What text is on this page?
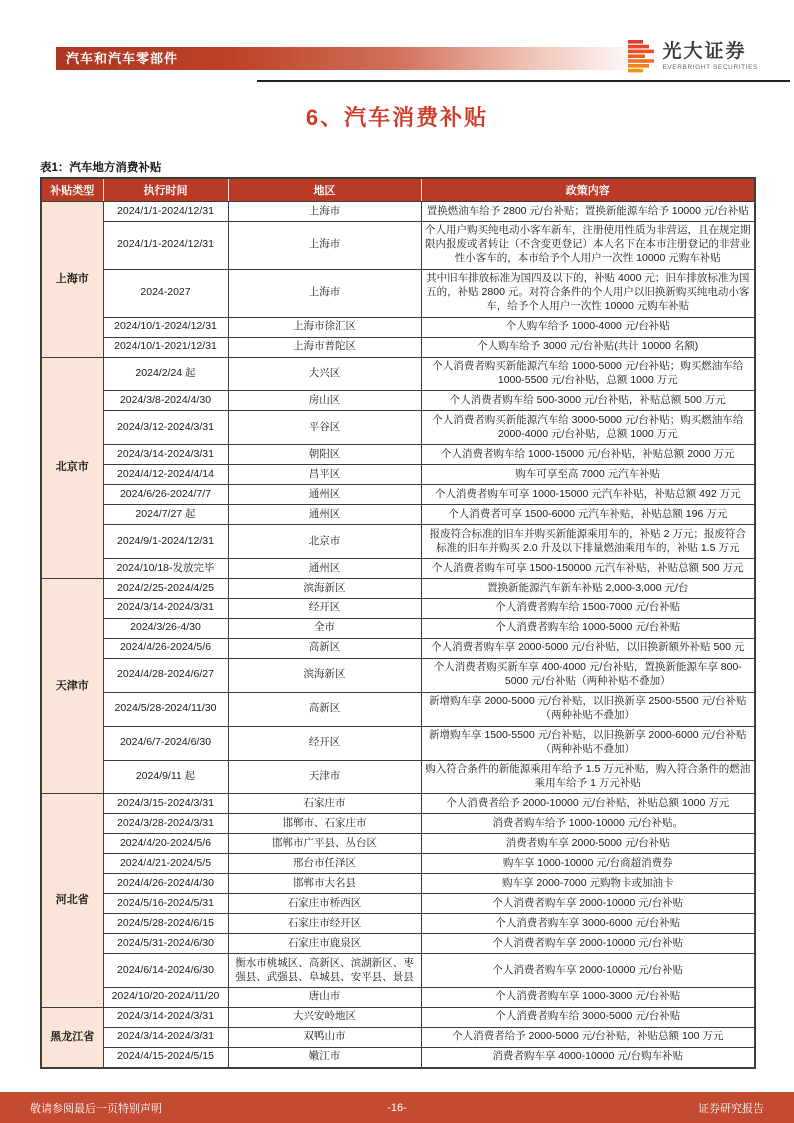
汽车和汽车零部件	光大证券
EVERBRIGHT SECURITIES
6、汽车消费补贴
表1：汽车地方消费补贴
补贴类型	执行时间	地区	政策内容
上海市	2024/1/1-2024/12/31	上海市	置换燃油车给予 2800 元/台补贴；置换新能源车给予 10000 元/台补贴
	2024/1/1-2024/12/31	上海市	个人用户购买纯电动小客车新车，注册使用性质为非营运，且在规定期限内报废或者转让（不含变更登记）本人名下在本市注册登记的非营业性小客车的，本市给予个人用户一次性 10000 元购车补贴
	2024-2027	上海市	其中旧车排放标准为国四及以下的，补贴 4000 元；旧车排放标准为国五的，补贴 2800 元。对符合条件的个人用户以旧换新购买纯电动小客车，给予个人用户一次性 10000 元购车补贴
	2024/10/1-2024/12/31	上海市徐汇区	个人购车给予 1000-4000 元/台补贴
	2024/10/1-2021/12/31	上海市普陀区	个人购车给予 3000 元/台补贴(共计 10000 名额)
北京市	2024/2/24 起	大兴区	个人消费者购买新能源汽车给 1000-5000 元/台补贴；购买燃油车给 1000-5500 元/台补贴，总额 1000 万元
	2024/3/8-2024/4/30	房山区	个人消费者购车给 500-3000 元/台补贴，补贴总额 500 万元
	2024/3/12-2024/3/31	平谷区	个人消费者购买新能源汽车给 3000-5000 元/台补贴；购买燃油车给 2000-4000 元/台补贴，总额 1000 万元
	2024/3/14-2024/3/31	朝阳区	个人消费者购车给 1000-15000 元/台补贴，补贴总额 2000 万元
	2024/4/12-2024/4/14	昌平区	购车可享至高 7000 元汽车补贴
	2024/6/26-2024/7/7	通州区	个人消费者购车可享 1000-15000 元汽车补贴，补贴总额 492 万元
	2024/7/27 起	通州区	个人消费者可享 1500-6000 元汽车补贴，补贴总额 196 万元
	2024/9/1-2024/12/31	北京市	报废符合标准的旧车并购买新能源乘用车的，补贴 2 万元；报废符合标准的旧车并购买 2.0 升及以下排量燃油乘用车的，补贴 1.5 万元
	2024/10/18-发放完毕	通州区	个人消费者购车可享 1500-150000 元汽车补贴，补贴总额 500 万元
天津市	2024/2/25-2024/4/25	滨海新区	置换新能源汽车新车补贴 2,000-3,000 元/台
	2024/3/14-2024/3/31	经开区	个人消费者购车给 1500-7000 元/台补贴
	2024/3/26-4/30	全市	个人消费者购车给 1000-5000 元/台补贴
	2024/4/26-2024/5/6	高新区	个人消费者购车享 2000-5000 元/台补贴，以旧换新额外补贴 500 元
	2024/4/28-2024/6/27	滨海新区	个人消费者购买新车享 400-4000 元/台补贴，置换新能源车享 800-5000 元/台补贴（两种补贴不叠加）
	2024/5/28-2024/11/30	高新区	新增购车享 2000-5000 元/台补贴，以旧换新享 2500-5500 元/台补贴（两种补贴不叠加）
	2024/6/7-2024/6/30	经开区	新增购车享 1500-5500 元/台补贴，以旧换新享 2000-6000 元/台补贴（两种补贴不叠加）
	2024/9/11 起	天津市	购入符合条件的新能源乘用车给予 1.5 万元补贴，购入符合条件的燃油乘用车给予 1 万元补贴
河北省	2024/3/15-2024/3/31	石家庄市	个人消费者给予 2000-10000 元/台补贴，补贴总额 1000 万元
	2024/3/28-2024/3/31	邯郸市、石家庄市	消费者购车给予 1000-10000 元/台补贴。
	2024/4/20-2024/5/6	邯郸市广平县、丛台区	消费者购车享 2000-5000 元/台补贴
	2024/4/21-2024/5/5	邢台市任泽区	购车享 1000-10000 元/台商超消费券
	2024/4/26-2024/4/30	邯郸市大名县	购车享 2000-7000 元购物卡或加油卡
	2024/5/16-2024/5/31	石家庄市桥西区	个人消费者购车享 2000-10000 元/台补贴
	2024/5/28-2024/6/15	石家庄市经开区	个人消费者购车享 3000-6000 元/台补贴
	2024/5/31-2024/6/30	石家庄市鹿泉区	个人消费者购车享 2000-10000 元/台补贴
	2024/6/14-2024/6/30	衡水市桃城区、高新区、滨湖新区、枣强县、武强县、阜城县、安平县、景县	个人消费者购车享 2000-10000 元/台补贴
	2024/10/20-2024/11/20	唐山市	个人消费者购车享 1000-3000 元/台补贴
黑龙江省	2024/3/14-2024/3/31	大兴安岭地区	个人消费者购车给 3000-5000 元/台补贴
	2024/3/14-2024/3/31	双鸭山市	个人消费者给予 2000-5000 元/台补贴，补贴总额 100 万元
	2024/4/15-2024/5/15	嫩江市	消费者购车享 4000-10000 元/台购车补贴
敬请参阅最后一页特别声明	-16-	证券研究报告
